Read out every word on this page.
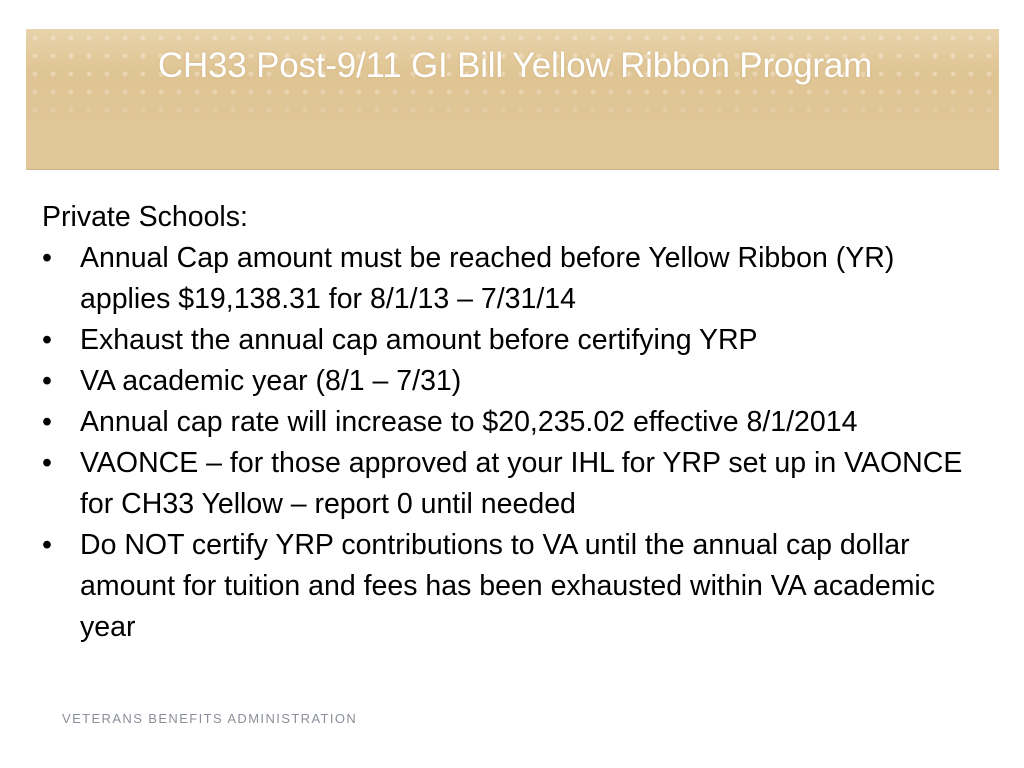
CH33 Post-9/11 GI Bill Yellow Ribbon Program

Private Schools:

• Annual Cap amount must be reached before Yellow Ribbon (YR) applies $19,138.31 for 8/1/13 – 7/31/14
• Exhaust the annual cap amount before certifying YRP
• VA academic year (8/1 – 7/31)
• Annual cap rate will increase to $20,235.02 effective 8/1/2014
• VAONCE – for those approved at your IHL for YRP set up in VAONCE for CH33 Yellow – report 0 until needed
• Do NOT certify YRP contributions to VA until the annual cap dollar amount for tuition and fees has been exhausted within VA academic year
VETERANS BENEFITS ADMINISTRATION
